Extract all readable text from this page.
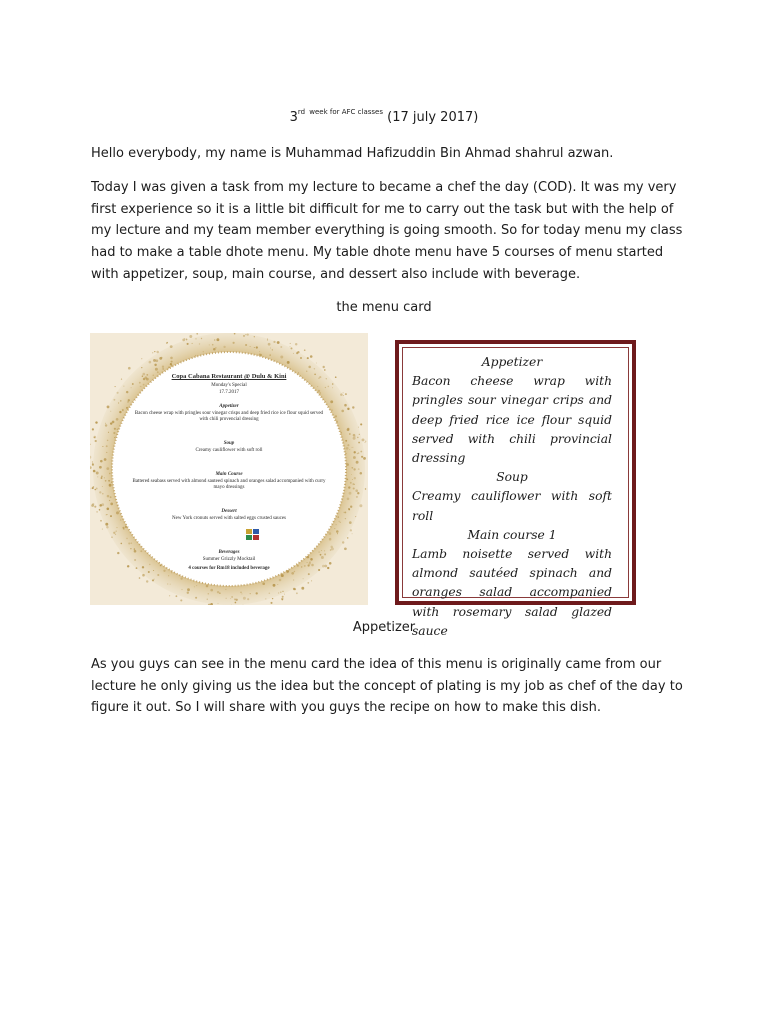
3rd $^{week for AFC classes}$ (17 july 2017)

Hello everybody, my name is Muhammad Hafizuddin Bin Ahmad shahrul azwan.

Today I was given a task from my lecture to became a chef the day (COD). It was my very first experience so it is a little bit difficult for me to carry out the task but with the help of my lecture and my team member everything is going smooth. So for today menu my class had to make a table dhote menu. My table dhote menu have 5 courses of menu started with appetizer, soup, main course, and dessert also include with beverage.

the menu card
Copa Cabana Restaurant @ Dulu & Kini
Monday's Special
17.7.2017
Appetizer
Bacon cheese wrap with pringles sour vinegar crisps and deep fried rice ice flour squid served with chili provencial dressing
Soup
Creamy cauliflower with soft roll
Main Course
Battered seabass served with almond sauteed spinach and oranges salad accompanied with curry mayo dressings
Dessert
New York cronuts served with salted eggs crusted sauces
Beverages
Summer Grizzly Mocktail
4 courses for Rm18 included beverage
Appetizer
Bacon cheese wrap with pringles sour vinegar crips and deep fried rice ice flour squid served with chili provincial dressing
Soup
Creamy cauliflower with soft roll
Main course 1
Lamb noisette served with almond sautéed spinach and oranges salad accompanied with rosemary salad glazed sauce
Appetizer

As you guys can see in the menu card the idea of this menu is originally came from our lecture he only giving us the idea but the concept of plating is my job as chef of the day to figure it out. So I will share with you guys the recipe on how to make this dish.
